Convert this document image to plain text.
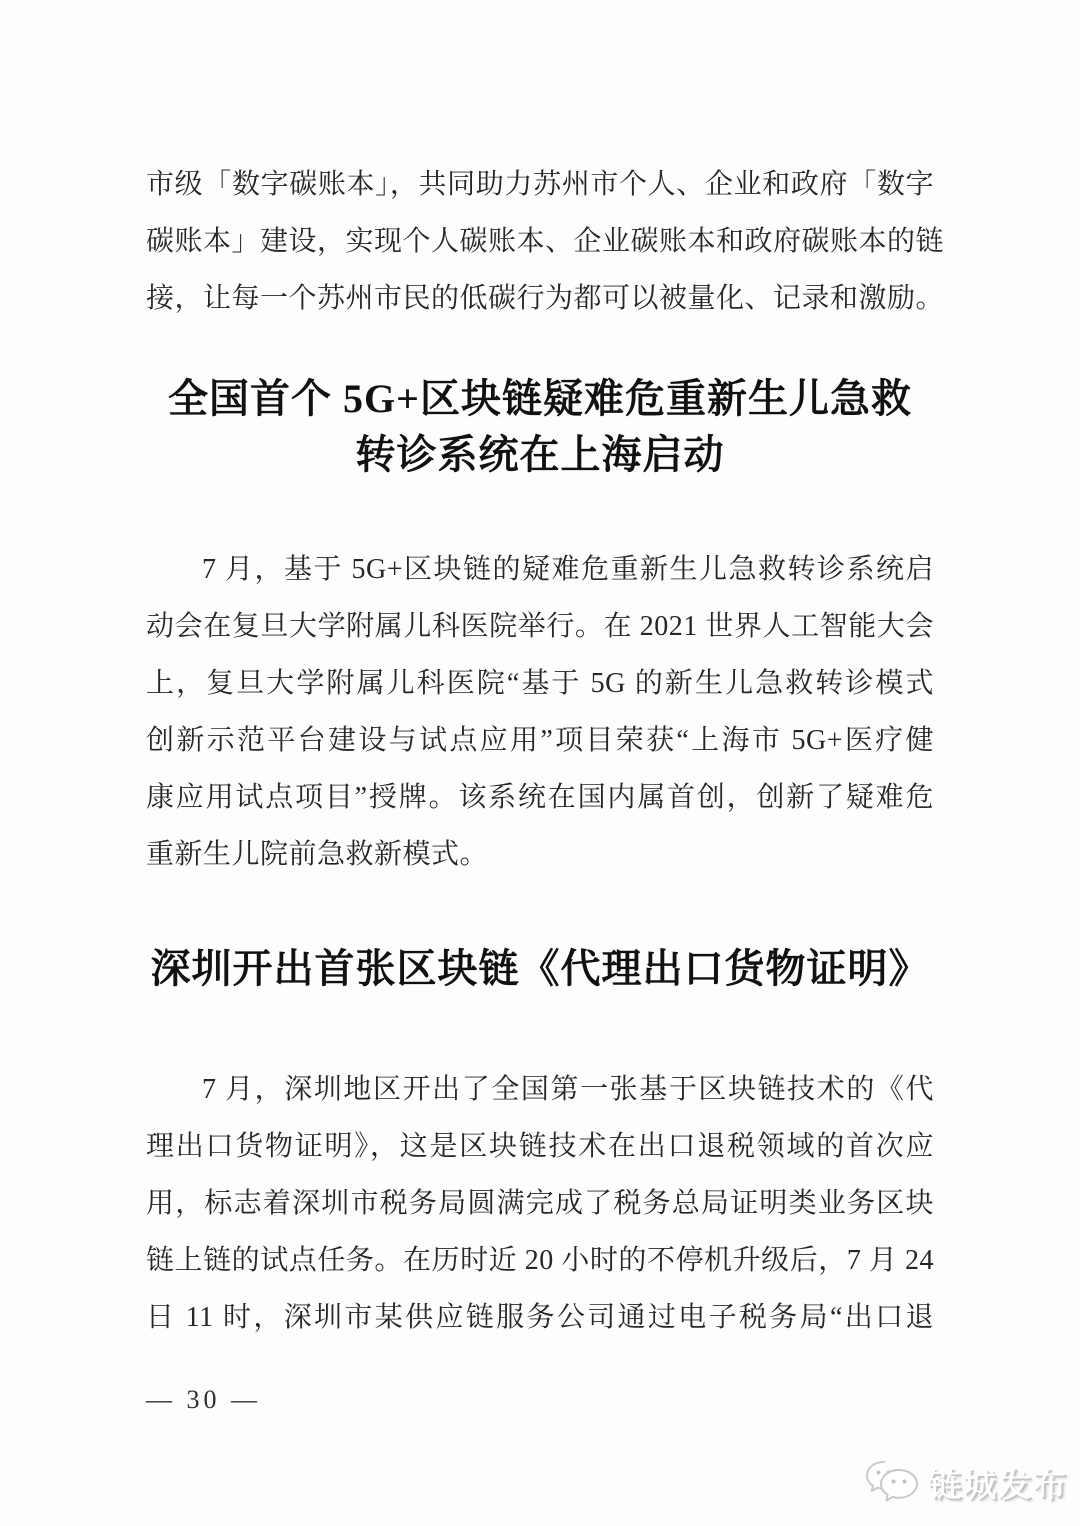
市级「数字碳账本」，共同助力苏州市个人、企业和政府「数字
碳账本」建设，实现个人碳账本、企业碳账本和政府碳账本的链
接，让每一个苏州市民的低碳行为都可以被量化、记录和激励。
全国首个 5G+区块链疑难危重新生儿急救
转诊系统在上海启动
7 月，基于 5G+区块链的疑难危重新生儿急救转诊系统启
动会在复旦大学附属儿科医院举行。在 2021 世界人工智能大会
上，复旦大学附属儿科医院“基于 5G 的新生儿急救转诊模式
创新示范平台建设与试点应用”项目荣获“上海市 5G+医疗健
康应用试点项目”授牌。该系统在国内属首创，创新了疑难危
重新生儿院前急救新模式。
深圳开出首张区块链《代理出口货物证明》
7 月，深圳地区开出了全国第一张基于区块链技术的《代
理出口货物证明》，这是区块链技术在出口退税领域的首次应
用，标志着深圳市税务局圆满完成了税务总局证明类业务区块
链上链的试点任务。在历时近 20 小时的不停机升级后，7 月 24
日 11 时，深圳市某供应链服务公司通过电子税务局“出口退
— 30 —
链城发布
